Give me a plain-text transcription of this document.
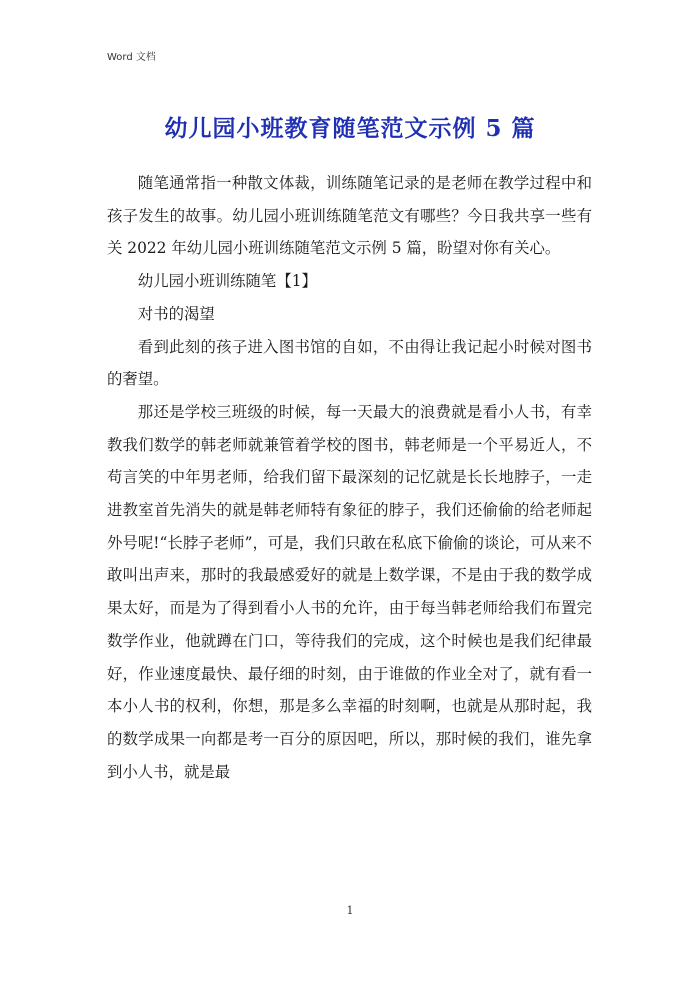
Word 文档
幼儿园小班教育随笔范文示例 5 篇

随笔通常指一种散文体裁，训练随笔记录的是老师在教学过程中和孩子发生的故事。幼儿园小班训练随笔范文有哪些？今日我共享一些有关 2022 年幼儿园小班训练随笔范文示例 5 篇，盼望对你有关心。

幼儿园小班训练随笔【1】

对书的渴望

看到此刻的孩子进入图书馆的自如，不由得让我记起小时候对图书的奢望。

那还是学校三班级的时候，每一天最大的浪费就是看小人书，有幸教我们数学的韩老师就兼管着学校的图书，韩老师是一个平易近人，不苟言笑的中年男老师，给我们留下最深刻的记忆就是长长地脖子，一走进教室首先消失的就是韩老师特有象征的脖子，我们还偷偷的给老师起外号呢!“长脖子老师”，可是，我们只敢在私底下偷偷的谈论，可从来不敢叫出声来，那时的我最感爱好的就是上数学课，不是由于我的数学成果太好，而是为了得到看小人书的允许，由于每当韩老师给我们布置完数学作业，他就蹲在门口，等待我们的完成，这个时候也是我们纪律最好，作业速度最快、最仔细的时刻，由于谁做的作业全对了，就有看一本小人书的权利，你想，那是多么幸福的时刻啊，也就是从那时起，我的数学成果一向都是考一百分的原因吧，所以，那时候的我们，谁先拿到小人书，就是最

1
